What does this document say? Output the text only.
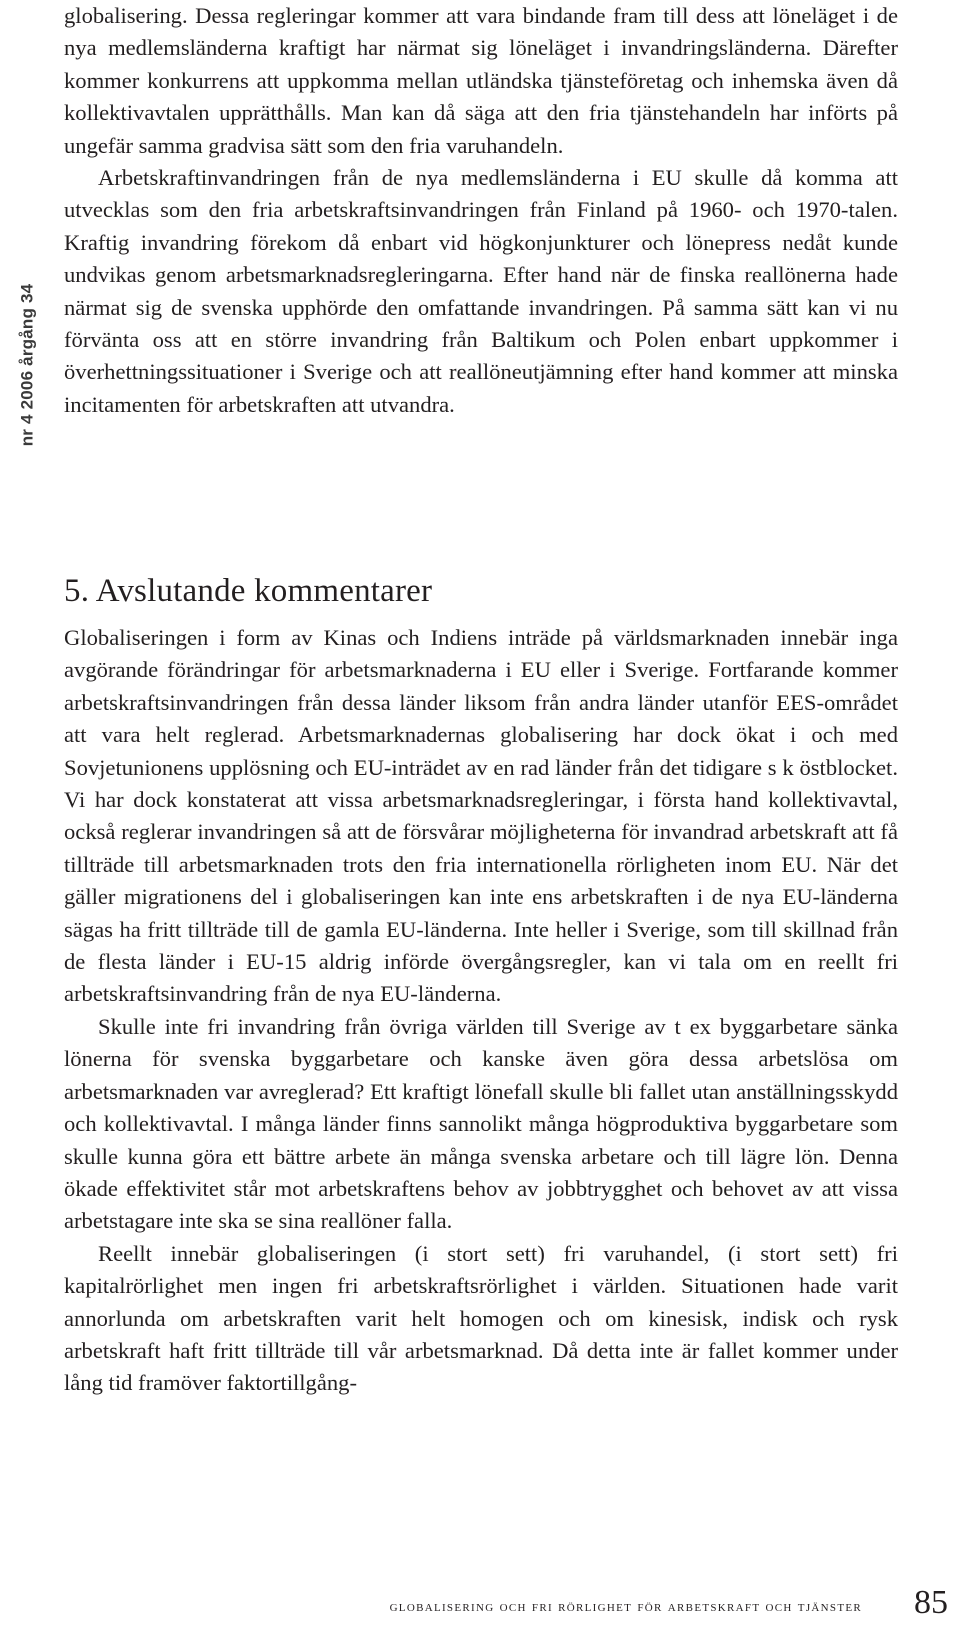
nr 4 2006 årgång 34

globalisering. Dessa regleringar kommer att vara bindande fram till dess att löneläget i de nya medlemsländerna kraftigt har närmat sig löneläget i invandringsländerna. Därefter kommer konkurrens att uppkomma mellan utländska tjänsteföretag och inhemska även då kollektivavtalen upprätthålls. Man kan då säga att den fria tjänstehandeln har införts på ungefär samma gradvisa sätt som den fria varuhandeln.

Arbetskraftinvandringen från de nya medlemsländerna i EU skulle då komma att utvecklas som den fria arbetskraftsinvandringen från Finland på 1960- och 1970-talen. Kraftig invandring förekom då enbart vid högkonjunkturer och lönepress nedåt kunde undvikas genom arbetsmarknadsregleringarna. Efter hand när de finska reallönerna hade närmat sig de svenska upphörde den omfattande invandringen. På samma sätt kan vi nu förvänta oss att en större invandring från Baltikum och Polen enbart uppkommer i överhettningssituationer i Sverige och att reallöneutjämning efter hand kommer att minska incitamenten för arbetskraften att utvandra.

5. Avslutande kommentarer

Globaliseringen i form av Kinas och Indiens inträde på världsmarknaden innebär inga avgörande förändringar för arbetsmarknaderna i EU eller i Sverige. Fortfarande kommer arbetskraftsinvandringen från dessa länder liksom från andra länder utanför EES-området att vara helt reglerad. Arbetsmarknadernas globalisering har dock ökat i och med Sovjetunionens upplösning och EU-inträdet av en rad länder från det tidigare s k östblocket. Vi har dock konstaterat att vissa arbetsmarknadsregleringar, i första hand kollektivavtal, också reglerar invandringen så att de försvårar möjligheterna för invandrad arbetskraft att få tillträde till arbetsmarknaden trots den fria internationella rörligheten inom EU. När det gäller migrationens del i globaliseringen kan inte ens arbetskraften i de nya EU-länderna sägas ha fritt tillträde till de gamla EU-länderna. Inte heller i Sverige, som till skillnad från de flesta länder i EU-15 aldrig införde övergångsregler, kan vi tala om en reellt fri arbetskraftsinvandring från de nya EU-länderna.

Skulle inte fri invandring från övriga världen till Sverige av t ex byggarbetare sänka lönerna för svenska byggarbetare och kanske även göra dessa arbetslösa om arbetsmarknaden var avreglerad? Ett kraftigt lönefall skulle bli fallet utan anställningsskydd och kollektivavtal. I många länder finns sannolikt många högproduktiva byggarbetare som skulle kunna göra ett bättre arbete än många svenska arbetare och till lägre lön. Denna ökade effektivitet står mot arbetskraftens behov av jobbtrygghet och behovet av att vissa arbetstagare inte ska se sina reallöner falla.

Reellt innebär globaliseringen (i stort sett) fri varuhandel, (i stort sett) fri kapitalrörlighet men ingen fri arbetskraftsrörlighet i världen. Situationen hade varit annorlunda om arbetskraften varit helt homogen och om kinesisk, indisk och rysk arbetskraft haft fritt tillträde till vår arbetsmarknad. Då detta inte är fallet kommer under lång tid framöver faktortillgång-

globalisering och fri rörlighet för arbetskraft och tjänster 85
